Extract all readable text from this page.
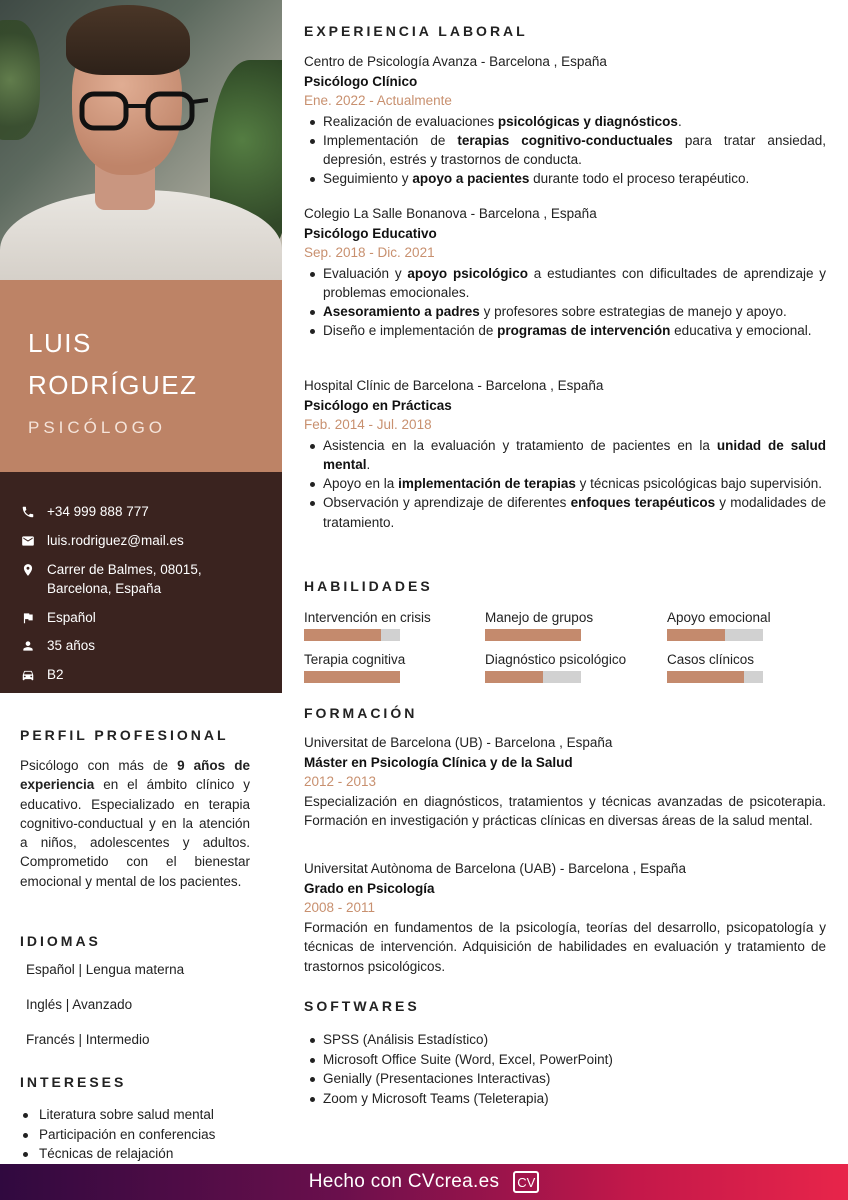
LUIS
RODRÍGUEZ
PSICÓLOGO
+34 999 888 777
luis.rodriguez@mail.es
Carrer de Balmes, 08015,
Barcelona, España
Español
35 años
B2
PERFIL PROFESIONAL
Psicólogo con más de 9 años de experiencia en el ámbito clínico y educativo. Especializado en terapia cognitivo-conductual y en la atención a niños, adolescentes y adultos. Comprometido con el bienestar emocional y mental de los pacientes.
IDIOMAS
Español | Lengua materna
Inglés | Avanzado
Francés | Intermedio
INTERESES
Literatura sobre salud mental
Participación en conferencias
Técnicas de relajación
EXPERIENCIA LABORAL
Centro de Psicología Avanza - Barcelona , España
Psicólogo Clínico
Ene. 2022 - Actualmente
Realización de evaluaciones psicológicas y diagnósticos.
Implementación de terapias cognitivo-conductuales para tratar ansiedad, depresión, estrés y trastornos de conducta.
Seguimiento y apoyo a pacientes durante todo el proceso terapéutico.
Colegio La Salle Bonanova - Barcelona , España
Psicólogo Educativo
Sep. 2018 - Dic. 2021
Evaluación y apoyo psicológico a estudiantes con dificultades de aprendizaje y problemas emocionales.
Asesoramiento a padres y profesores sobre estrategias de manejo y apoyo.
Diseño e implementación de programas de intervención educativa y emocional.
Hospital Clínic de Barcelona - Barcelona , España
Psicólogo en Prácticas
Feb. 2014 - Jul. 2018
Asistencia en la evaluación y tratamiento de pacientes en la unidad de salud mental.
Apoyo en la implementación de terapias y técnicas psicológicas bajo supervisión.
Observación y aprendizaje de diferentes enfoques terapéuticos y modalidades de tratamiento.
HABILIDADES
Intervención en crisis	Manejo de grupos	Apoyo emocional
Terapia cognitiva	Diagnóstico psicológico	Casos clínicos
FORMACIÓN
Universitat de Barcelona (UB) - Barcelona , España
Máster en Psicología Clínica y de la Salud
2012 - 2013
Especialización en diagnósticos, tratamientos y técnicas avanzadas de psicoterapia. Formación en investigación y prácticas clínicas en diversas áreas de la salud mental.
Universitat Autònoma de Barcelona (UAB) - Barcelona , España
Grado en Psicología
2008 - 2011
Formación en fundamentos de la psicología, teorías del desarrollo, psicopatología y técnicas de intervención. Adquisición de habilidades en evaluación y tratamiento de trastornos psicológicos.
SOFTWARES
SPSS (Análisis Estadístico)
Microsoft Office Suite (Word, Excel, PowerPoint)
Genially (Presentaciones Interactivas)
Zoom y Microsoft Teams (Teleterapia)
Hecho con CVcrea.es	CV
